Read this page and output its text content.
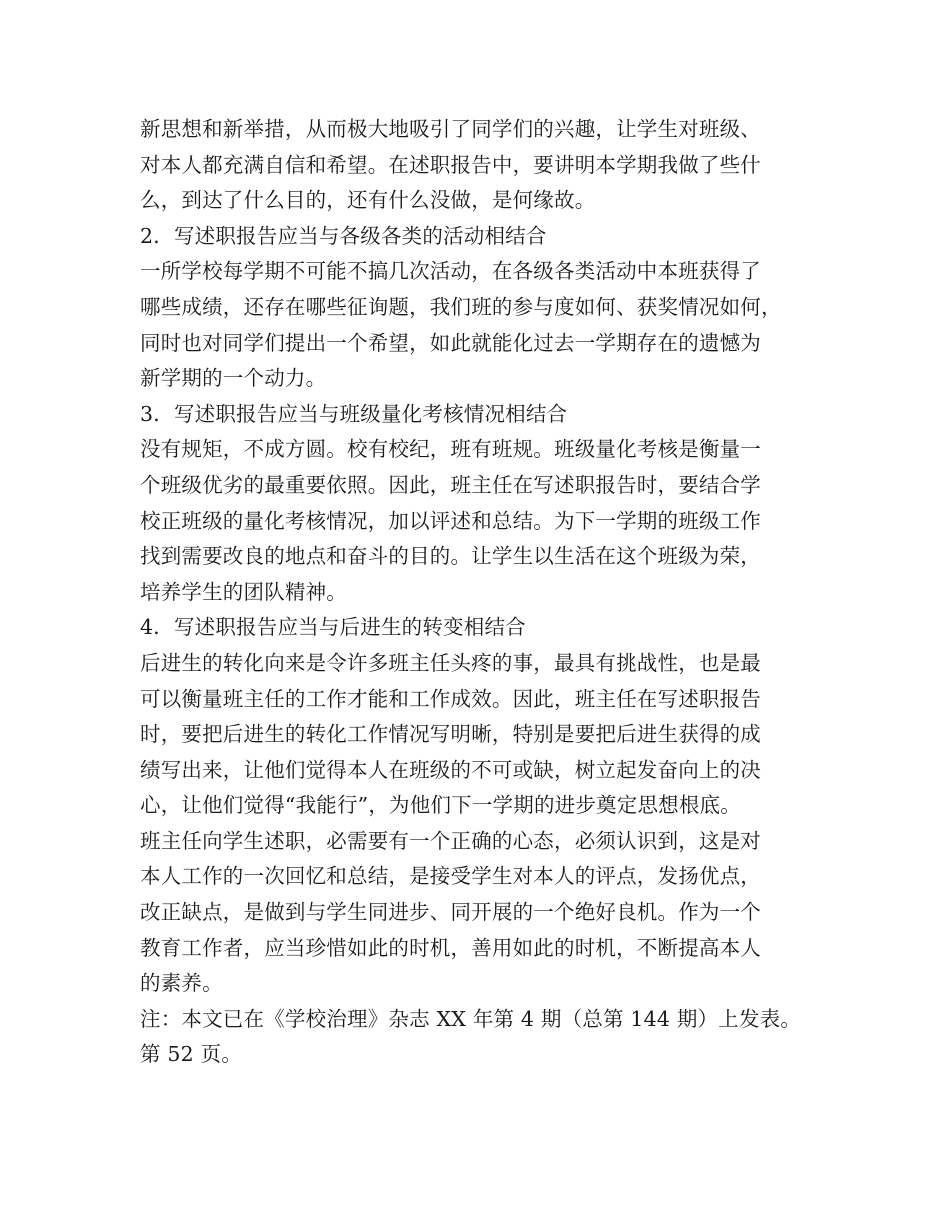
新思想和新举措，从而极大地吸引了同学们的兴趣，让学生对班级、
对本人都充满自信和希望。在述职报告中，要讲明本学期我做了些什
么，到达了什么目的，还有什么没做，是何缘故。
2．写述职报告应当与各级各类的活动相结合
一所学校每学期不可能不搞几次活动，在各级各类活动中本班获得了
哪些成绩，还存在哪些征询题，我们班的参与度如何、获奖情况如何，
同时也对同学们提出一个希望，如此就能化过去一学期存在的遗憾为
新学期的一个动力。
3．写述职报告应当与班级量化考核情况相结合
没有规矩，不成方圆。校有校纪，班有班规。班级量化考核是衡量一
个班级优劣的最重要依照。因此，班主任在写述职报告时，要结合学
校正班级的量化考核情况，加以评述和总结。为下一学期的班级工作
找到需要改良的地点和奋斗的目的。让学生以生活在这个班级为荣，
培养学生的团队精神。
4．写述职报告应当与后进生的转变相结合
后进生的转化向来是令许多班主任头疼的事，最具有挑战性，也是最
可以衡量班主任的工作才能和工作成效。因此，班主任在写述职报告
时，要把后进生的转化工作情况写明晰，特别是要把后进生获得的成
绩写出来，让他们觉得本人在班级的不可或缺，树立起发奋向上的决
心，让他们觉得“我能行”，为他们下一学期的进步奠定思想根底。
班主任向学生述职，必需要有一个正确的心态，必须认识到，这是对
本人工作的一次回忆和总结，是接受学生对本人的评点，发扬优点，
改正缺点，是做到与学生同进步、同开展的一个绝好良机。作为一个
教育工作者，应当珍惜如此的时机，善用如此的时机，不断提高本人
的素养。
注：本文已在《学校治理》杂志 XX 年第 4 期（总第 144 期）上发表。
第 52 页。
